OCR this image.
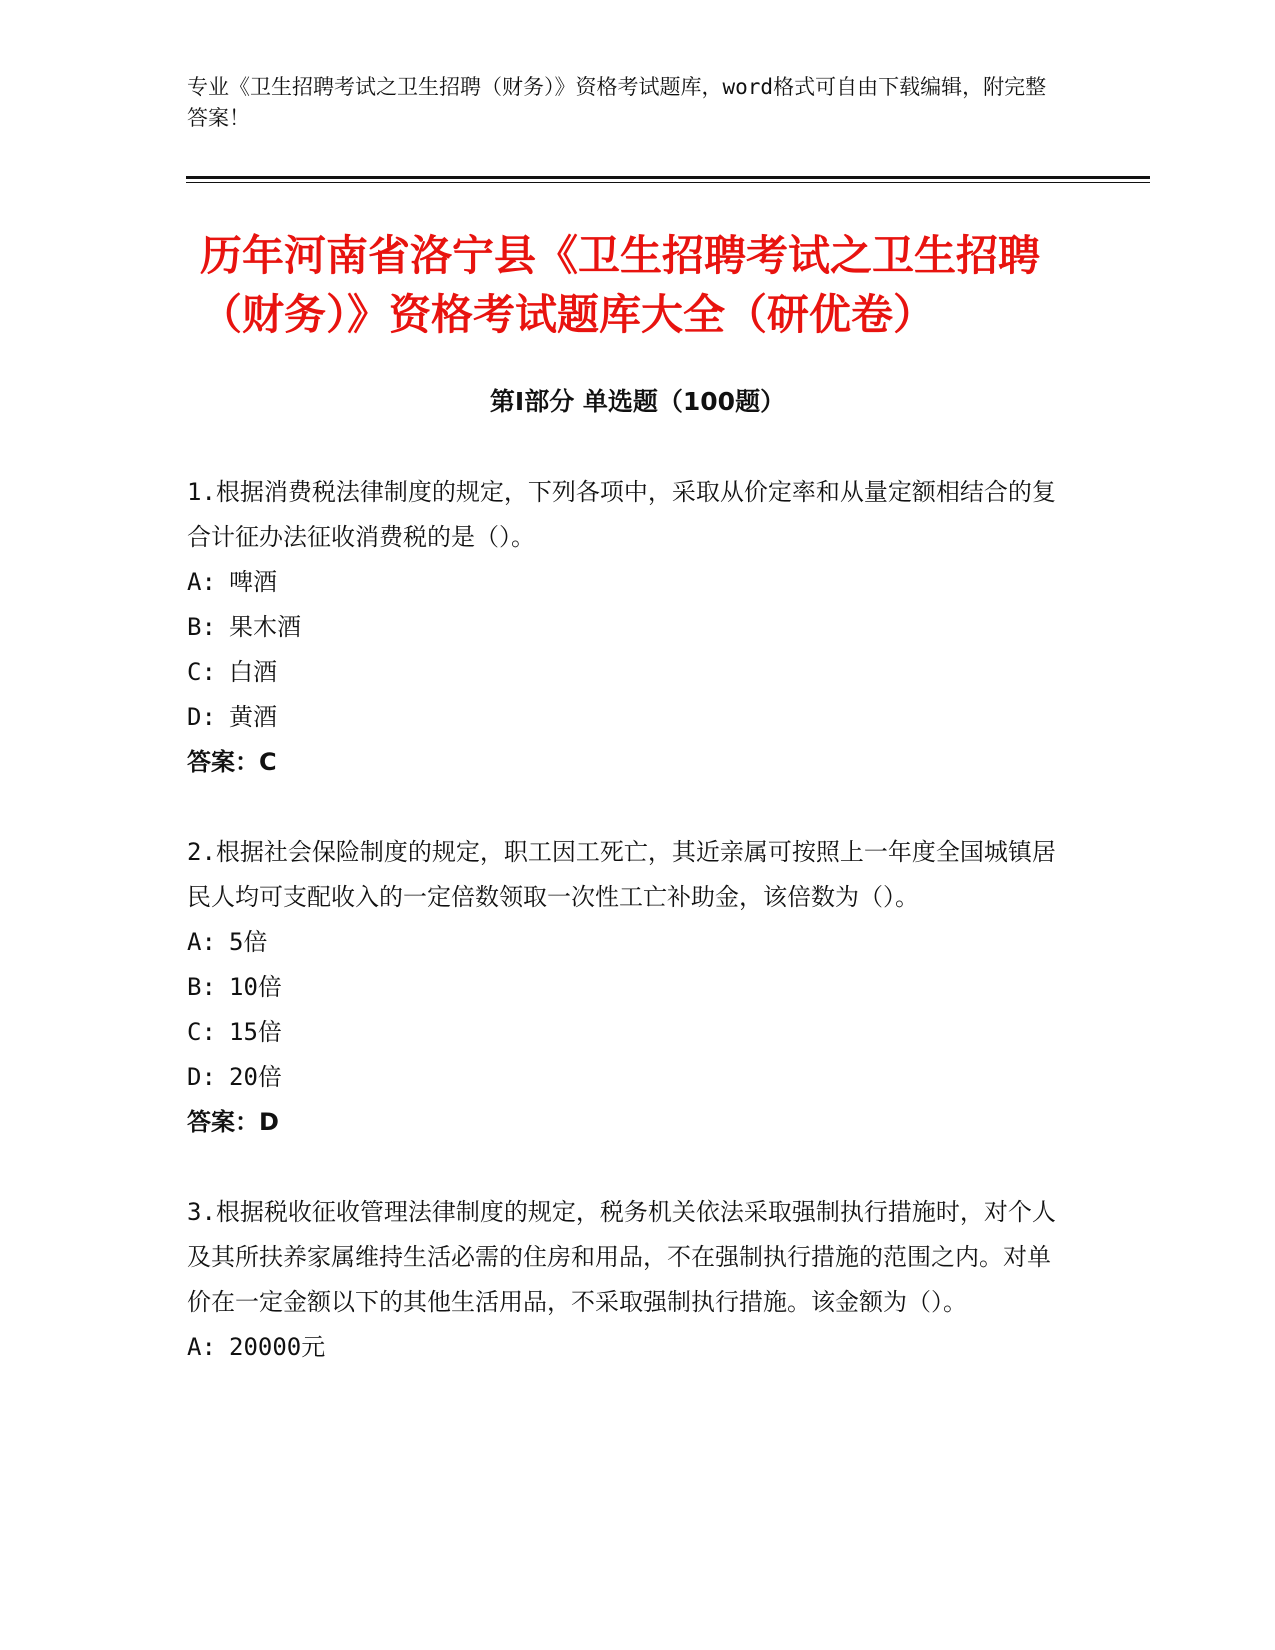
专业《卫生招聘考试之卫生招聘（财务）》资格考试题库，word格式可自由下载编辑，附完整答案！
历年河南省洛宁县《卫生招聘考试之卫生招聘（财务）》资格考试题库大全（研优卷）
第Ⅰ部分 单选题（100题）

1.根据消费税法律制度的规定，下列各项中，采取从价定率和从量定额相结合的复合计征办法征收消费税的是（）。

A: 啤酒
B: 果木酒
C: 白酒
D: 黄酒

答案：C

2.根据社会保险制度的规定，职工因工死亡，其近亲属可按照上一年度全国城镇居民人均可支配收入的一定倍数领取一次性工亡补助金，该倍数为（）。

A: 5倍
B: 10倍
C: 15倍
D: 20倍

答案：D

3.根据税收征收管理法律制度的规定，税务机关依法采取强制执行措施时，对个人及其所扶养家属维持生活必需的住房和用品，不在强制执行措施的范围之内。对单价在一定金额以下的其他生活用品，不采取强制执行措施。该金额为（）。

A: 20000元
